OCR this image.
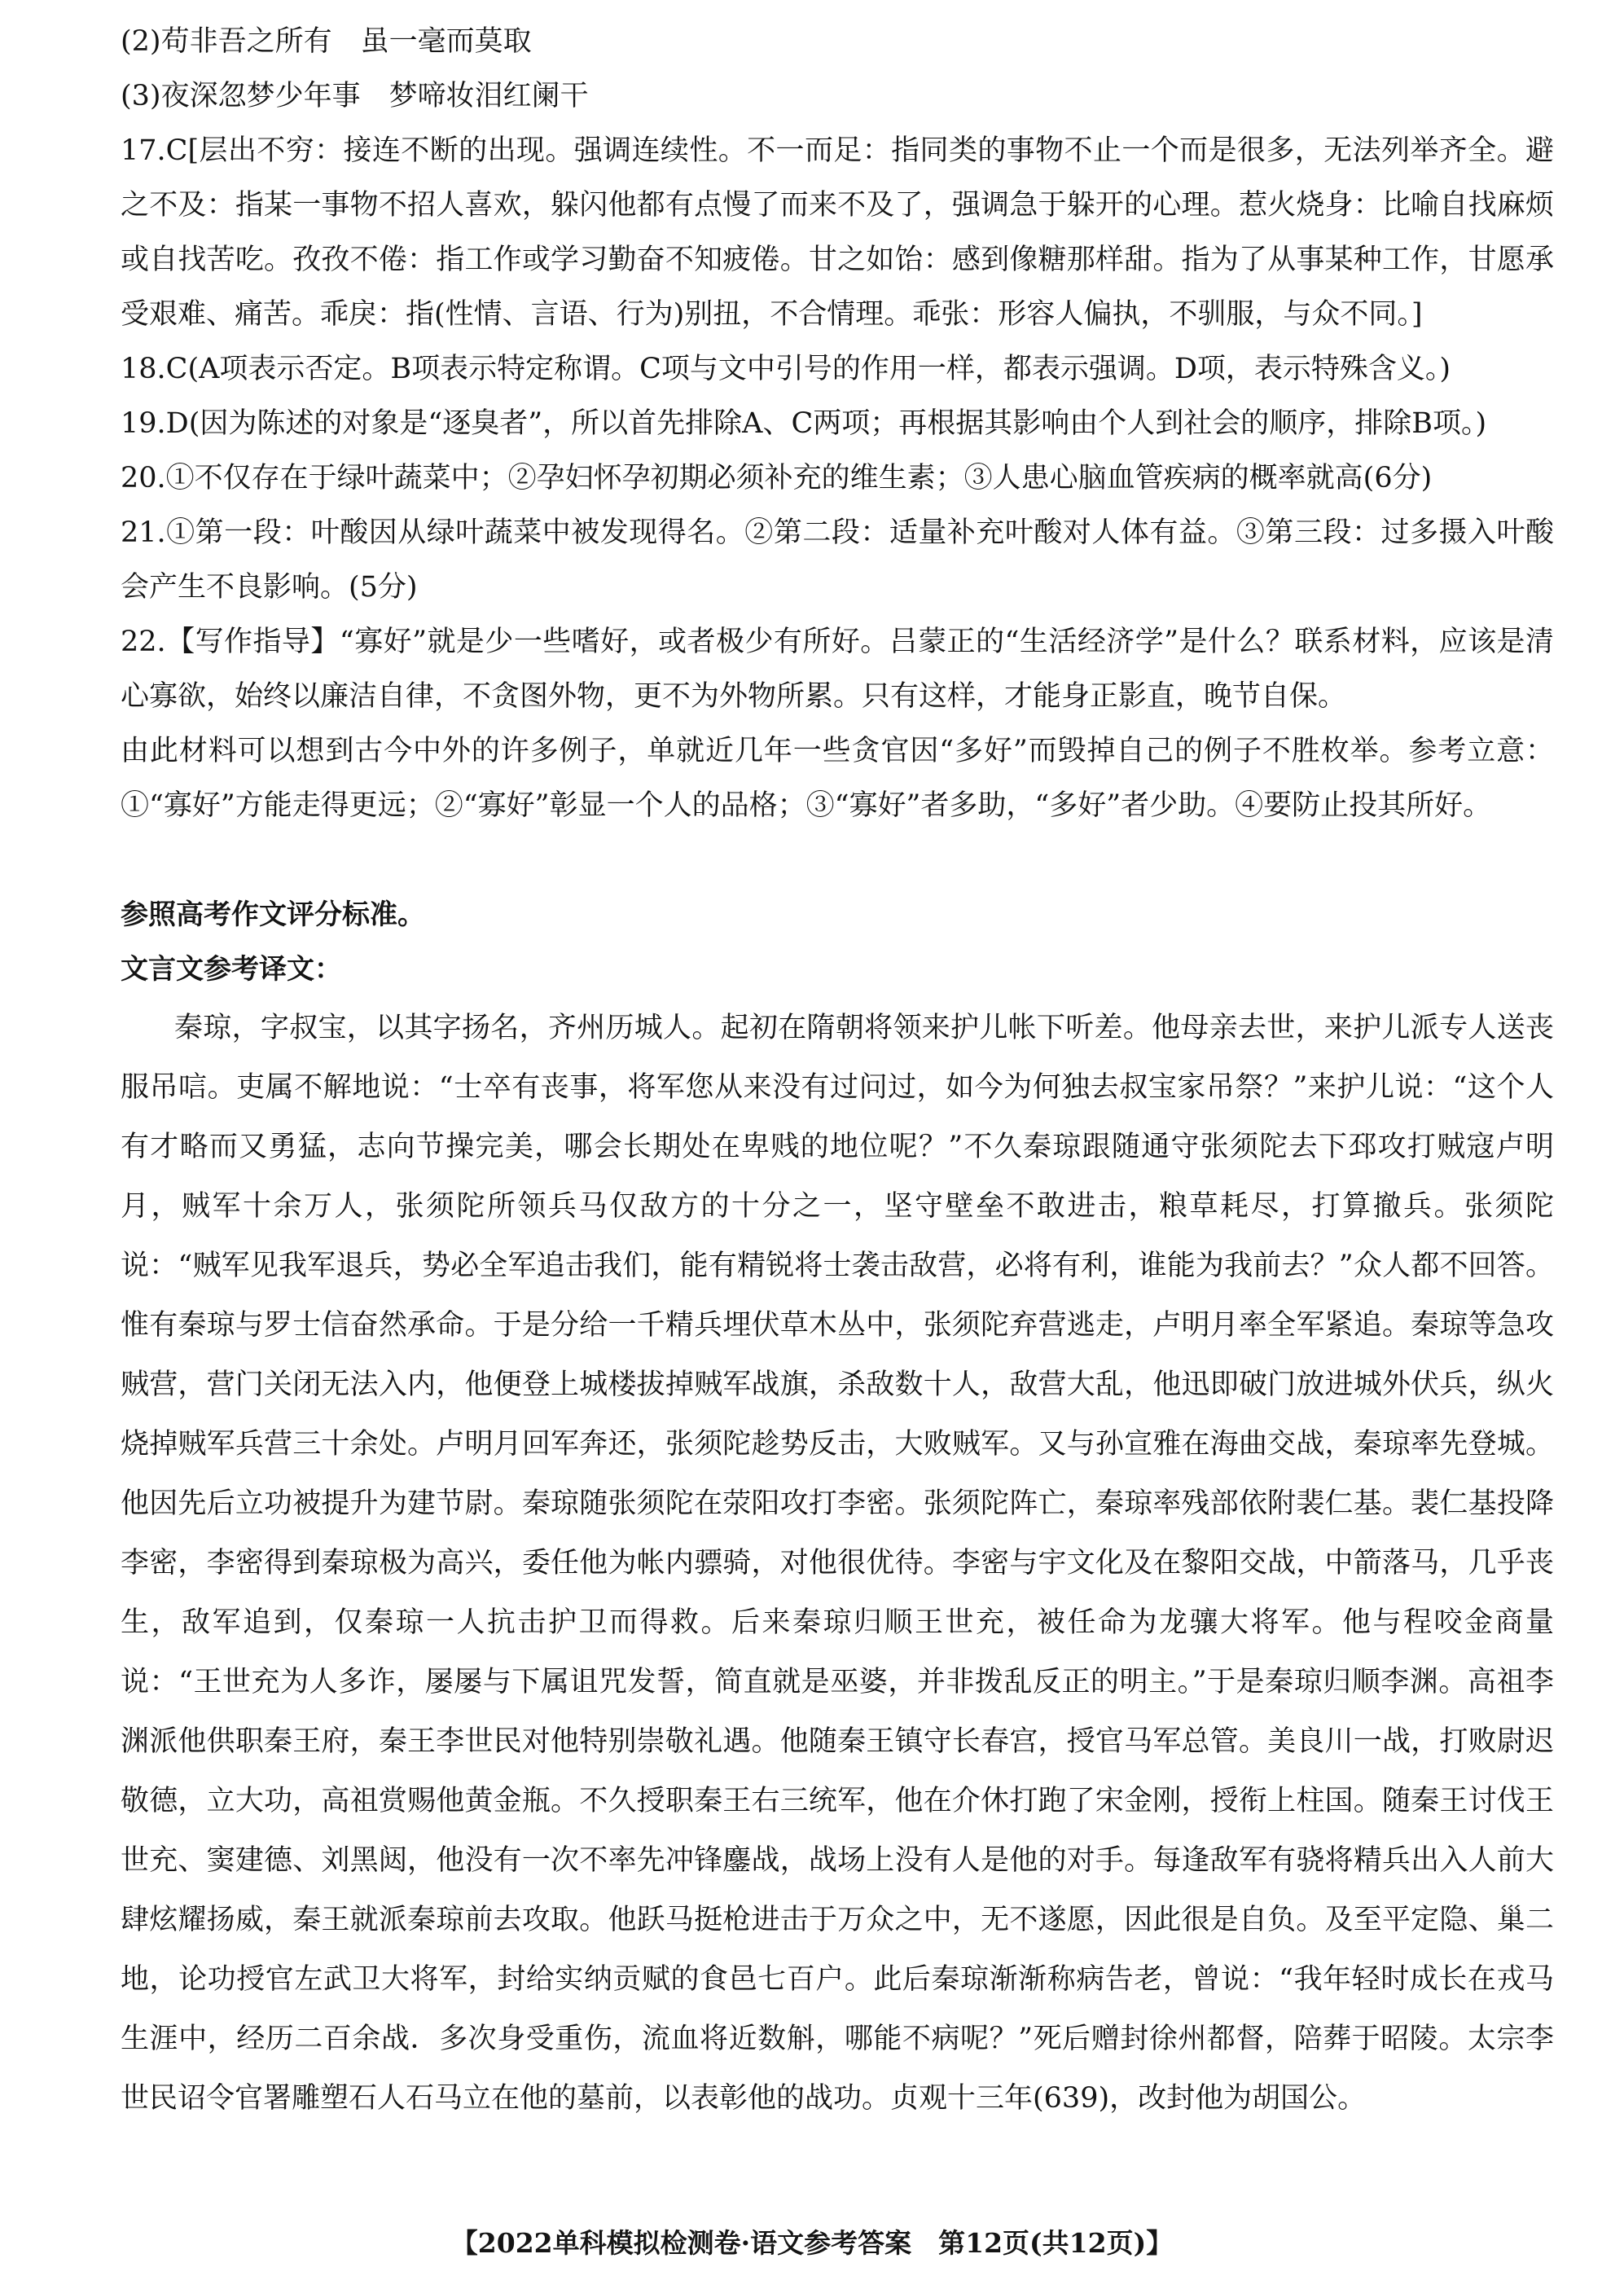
(2)苟非吾之所有　虽一毫而莫取

(3)夜深忽梦少年事　梦啼妆泪红阑干

17.C[层出不穷：接连不断的出现。强调连续性。不一而足：指同类的事物不止一个而是很多，无法列举齐全。避之不及：指某一事物不招人喜欢，躲闪他都有点慢了而来不及了，强调急于躲开的心理。惹火烧身：比喻自找麻烦或自找苦吃。孜孜不倦：指工作或学习勤奋不知疲倦。甘之如饴：感到像糖那样甜。指为了从事某种工作，甘愿承受艰难、痛苦。乖戾：指(性情、言语、行为)别扭，不合情理。乖张：形容人偏执，不驯服，与众不同。]

18.C(A项表示否定。B项表示特定称谓。C项与文中引号的作用一样，都表示强调。D项，表示特殊含义。)

19.D(因为陈述的对象是“逐臭者”，所以首先排除A、C两项；再根据其影响由个人到社会的顺序，排除B项。)

20.①不仅存在于绿叶蔬菜中；②孕妇怀孕初期必须补充的维生素；③人患心脑血管疾病的概率就高(6分)

21.①第一段：叶酸因从绿叶蔬菜中被发现得名。②第二段：适量补充叶酸对人体有益。③第三段：过多摄入叶酸会产生不良影响。(5分)

22.【写作指导】“寡好”就是少一些嗜好，或者极少有所好。吕蒙正的“生活经济学”是什么？联系材料，应该是清心寡欲，始终以廉洁自律，不贪图外物，更不为外物所累。只有这样，才能身正影直，晚节自保。

由此材料可以想到古今中外的许多例子，单就近几年一些贪官因“多好”而毁掉自己的例子不胜枚举。参考立意：①“寡好”方能走得更远；②“寡好”彰显一个人的品格；③“寡好”者多助，“多好”者少助。④要防止投其所好。

参照高考作文评分标准。

文言文参考译文：

秦琼，字叔宝，以其字扬名，齐州历城人。起初在隋朝将领来护儿帐下听差。他母亲去世，来护儿派专人送丧服吊唁。吏属不解地说：“士卒有丧事，将军您从来没有过问过，如今为何独去叔宝家吊祭？”来护儿说：“这个人有才略而又勇猛，志向节操完美，哪会长期处在卑贱的地位呢？”不久秦琼跟随通守张须陀去下邳攻打贼寇卢明月，贼军十余万人，张须陀所领兵马仅敌方的十分之一，坚守壁垒不敢进击，粮草耗尽，打算撤兵。张须陀说：“贼军见我军退兵，势必全军追击我们，能有精锐将士袭击敌营，必将有利，谁能为我前去？”众人都不回答。惟有秦琼与罗士信奋然承命。于是分给一千精兵埋伏草木丛中，张须陀弃营逃走，卢明月率全军紧追。秦琼等急攻贼营，营门关闭无法入内，他便登上城楼拔掉贼军战旗，杀敌数十人，敌营大乱，他迅即破门放进城外伏兵，纵火烧掉贼军兵营三十余处。卢明月回军奔还，张须陀趁势反击，大败贼军。又与孙宣雅在海曲交战，秦琼率先登城。他因先后立功被提升为建节尉。秦琼随张须陀在荥阳攻打李密。张须陀阵亡，秦琼率残部依附裴仁基。裴仁基投降李密，李密得到秦琼极为高兴，委任他为帐内骠骑，对他很优待。李密与宇文化及在黎阳交战，中箭落马，几乎丧生，敌军追到，仅秦琼一人抗击护卫而得救。后来秦琼归顺王世充，被任命为龙骧大将军。他与程咬金商量说：“王世充为人多诈，屡屡与下属诅咒发誓，简直就是巫婆，并非拨乱反正的明主。”于是秦琼归顺李渊。高祖李渊派他供职秦王府，秦王李世民对他特别崇敬礼遇。他随秦王镇守长春宫，授官马军总管。美良川一战，打败尉迟敬德，立大功，高祖赏赐他黄金瓶。不久授职秦王右三统军，他在介休打跑了宋金刚，授衔上柱国。随秦王讨伐王世充、窦建德、刘黑闼，他没有一次不率先冲锋鏖战，战场上没有人是他的对手。每逢敌军有骁将精兵出入人前大肆炫耀扬威，秦王就派秦琼前去攻取。他跃马挺枪进击于万众之中，无不遂愿，因此很是自负。及至平定隐、巢二地，论功授官左武卫大将军，封给实纳贡赋的食邑七百户。此后秦琼渐渐称病告老，曾说：“我年轻时成长在戎马生涯中，经历二百余战．多次身受重伤，流血将近数斛，哪能不病呢？”死后赠封徐州都督，陪葬于昭陵。太宗李世民诏令官署雕塑石人石马立在他的墓前，以表彰他的战功。贞观十三年(639)，改封他为胡国公。

【2022单科模拟检测卷·语文参考答案　第12页(共12页)】
